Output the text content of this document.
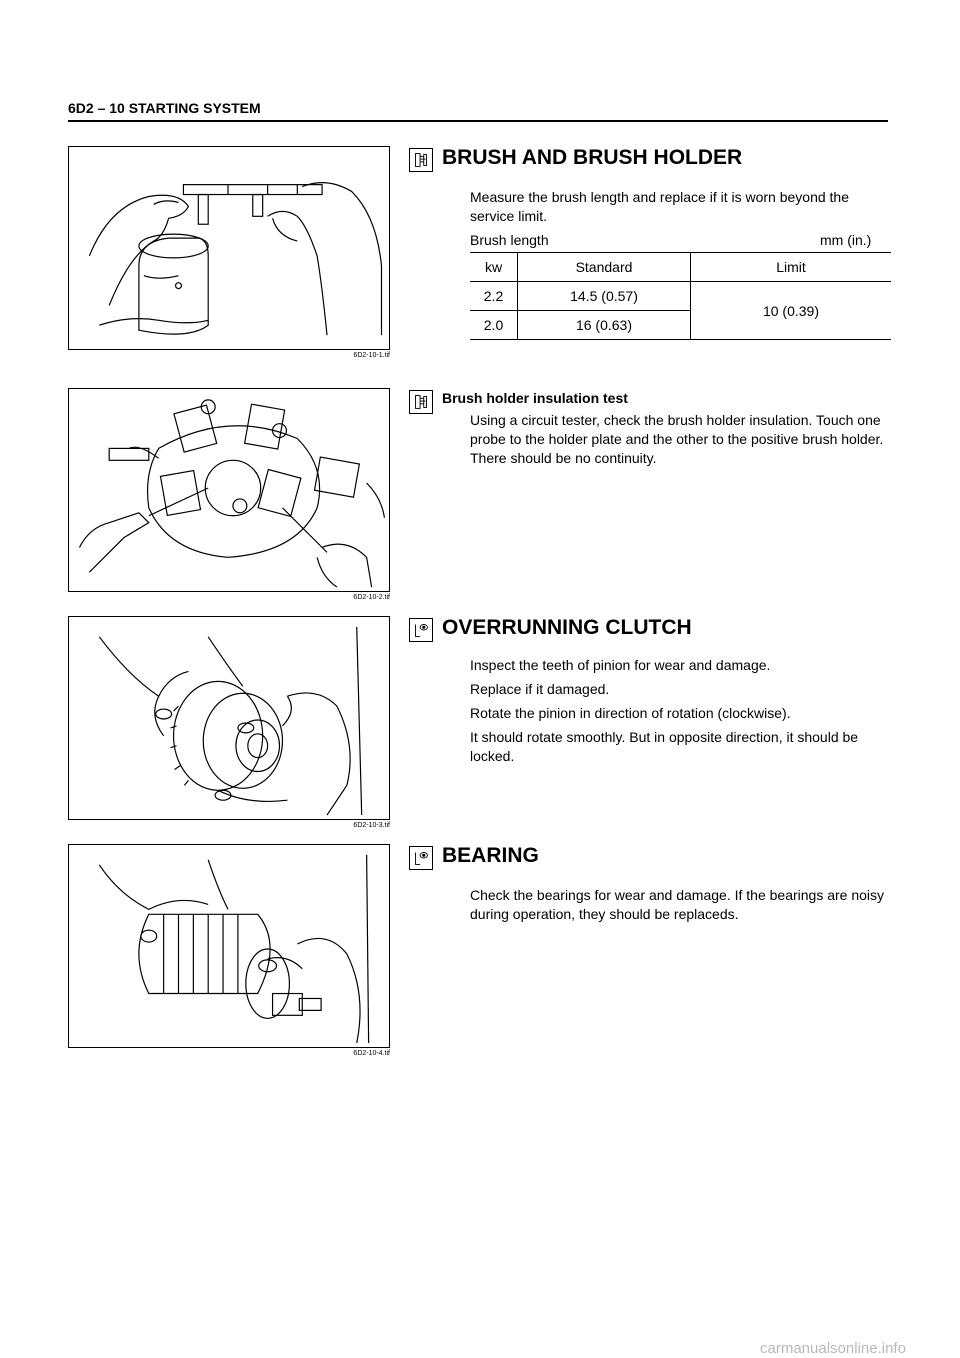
6D2 – 10 STARTING SYSTEM
6D2-10-1.tif
BRUSH AND BRUSH HOLDER

Measure the brush length and replace if it is worn beyond the service limit.

Brush length	mm (in.)
kw	Standard	Limit
2.2	14.5 (0.57)	10 (0.39)
2.0	16 (0.63)	
6D2-10-2.tif
Brush holder insulation test

Using a circuit tester, check the brush holder insulation. Touch one probe to the holder plate and the other to the positive brush holder. There should be no continuity.

6D2-10-3.tif
OVERRUNNING CLUTCH

Inspect the teeth of pinion for wear and damage.

Replace if it damaged.

Rotate the pinion in direction of rotation (clockwise).

It should rotate smoothly. But in opposite direction, it should be locked.

6D2-10-4.tif
BEARING

Check the bearings for wear and damage. If the bearings are noisy during operation, they should be replaceds.

carmanualsonline.info
